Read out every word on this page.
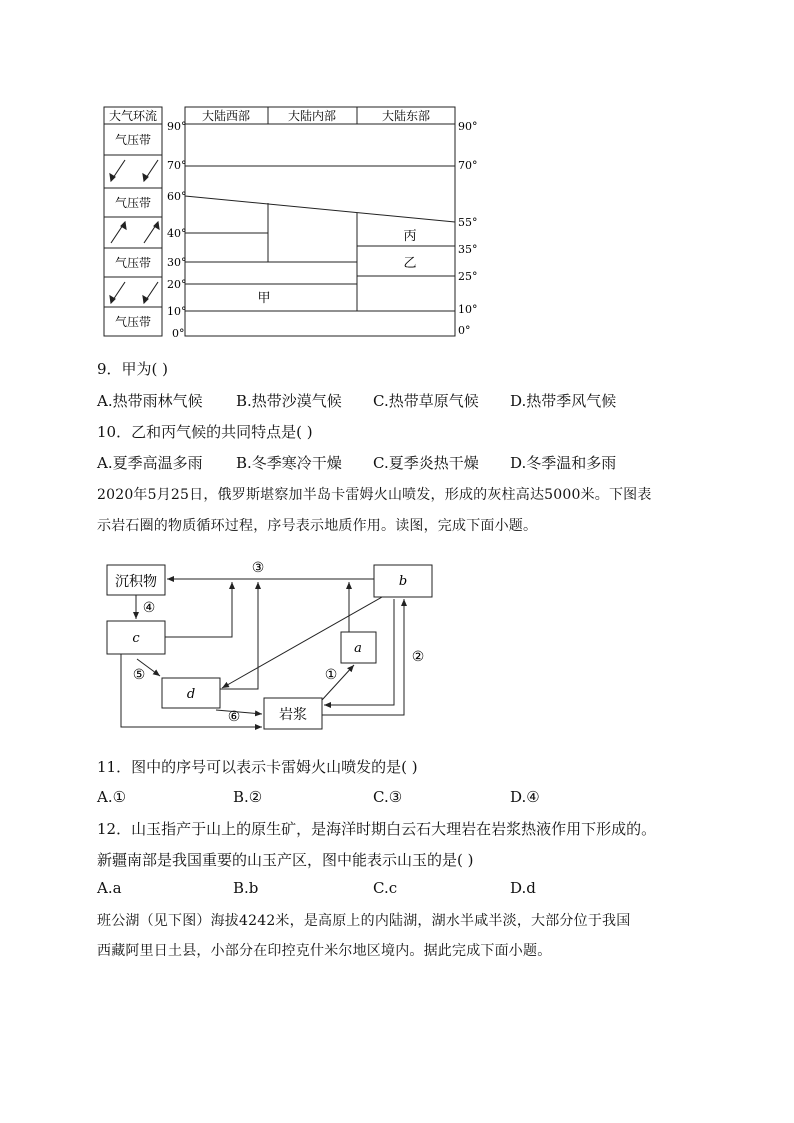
大气环流	大陆西部	大陆内部	大陆东部
气压带
气压带
气压带
气压带
90°
70°
60°
40°
30°
20°
10°
0°
90°
70°
55°
35°
25°
10°
0°
甲
乙
丙
9．甲为( )
A.热带雨林气候 B.热带沙漠气候 C.热带草原气候 D.热带季风气候
10．乙和丙气候的共同特点是( )
A.夏季高温多雨 B.冬季寒冷干燥 C.夏季炎热干燥 D.冬季温和多雨
2020年5月25日，俄罗斯堪察加半岛卡雷姆火山喷发，形成的灰柱高达5000米。下图表
示岩石圈的物质循环过程，序号表示地质作用。读图，完成下面小题。
沉积物	b
c
a
d
岩浆
③
④
⑤
⑥
①
②
11．图中的序号可以表示卡雷姆火山喷发的是( )
A.①	B.②	C.③	D.④
12．山玉指产于山上的原生矿，是海洋时期白云石大理岩在岩浆热液作用下形成的。
新疆南部是我国重要的山玉产区，图中能表示山玉的是( )
A.a	B.b	C.c	D.d
班公湖（见下图）海拔4242米，是高原上的内陆湖，湖水半咸半淡，大部分位于我国
西藏阿里日土县，小部分在印控克什米尔地区境内。据此完成下面小题。
